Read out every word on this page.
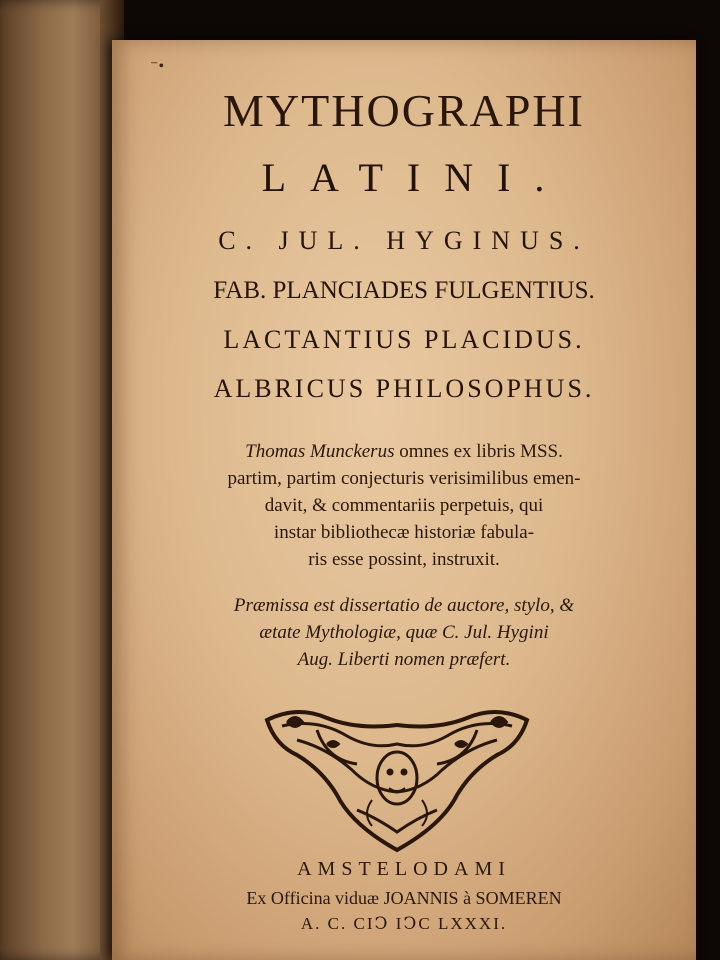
⁻•
MYTHOGRAPHI
LATINI.
C. JUL. HYGINUS.
FAB. PLANCIADES FULGENTIUS.
LACTANTIUS PLACIDUS.
ALBRICUS PHILOSOPHUS.
Thomas Munckerus omnes ex libris MSS.
partim, partim conjecturis verisimilibus emen-
davit, & commentariis perpetuis, qui
instar bibliothecæ historiæ fabula-
ris esse possint, instruxit.
Præmissa est dissertatio de auctore, stylo, &
ætate Mythologiæ, quæ C. Jul. Hygini
Aug. Liberti nomen præfert.
AMSTELODAMI
Ex Officina viduæ JOANNIS à SOMEREN
A. C. CIↃ IↃC LXXXI.
